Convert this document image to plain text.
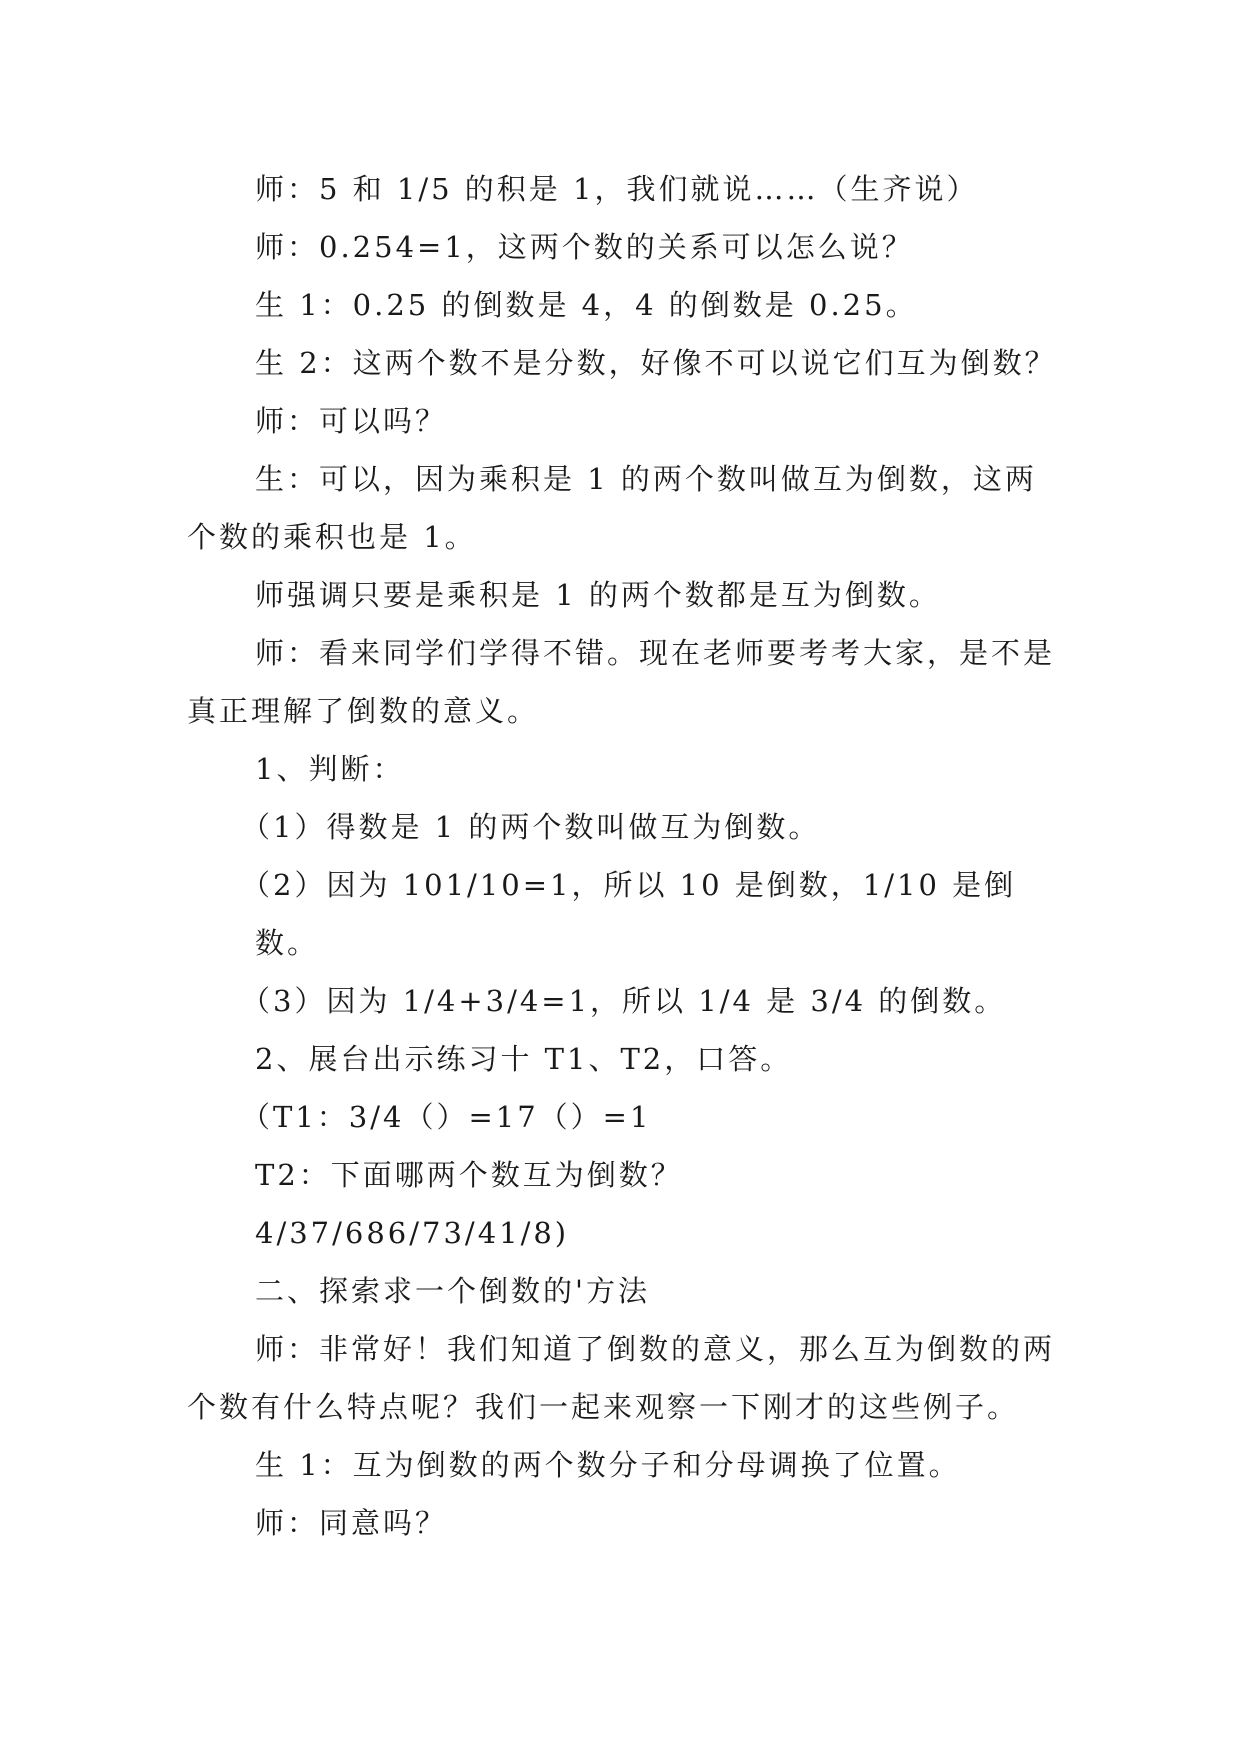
师：5 和 1/5 的积是 1，我们就说……（生齐说）

师：0.254=1，这两个数的关系可以怎么说？

生 1：0.25 的倒数是 4，4 的倒数是 0.25。

生 2：这两个数不是分数，好像不可以说它们互为倒数？

师：可以吗？

生：可以，因为乘积是 1 的两个数叫做互为倒数，这两个数的乘积也是 1。

师强调只要是乘积是 1 的两个数都是互为倒数。

师：看来同学们学得不错。现在老师要考考大家，是不是真正理解了倒数的意义。

1、判断：

（1）得数是 1 的两个数叫做互为倒数。

（2）因为 101/10=1，所以 10 是倒数，1/10 是倒数。

（3）因为 1/4+3/4=1，所以 1/4 是 3/4 的倒数。

2、展台出示练习十 T1、T2，口答。

（T1：3/4（）=17（）=1

T2：下面哪两个数互为倒数？

4/37/686/73/41/8)

二、探索求一个倒数的'方法

师：非常好！我们知道了倒数的意义，那么互为倒数的两个数有什么特点呢？我们一起来观察一下刚才的这些例子。

生 1：互为倒数的两个数分子和分母调换了位置。

师：同意吗？
